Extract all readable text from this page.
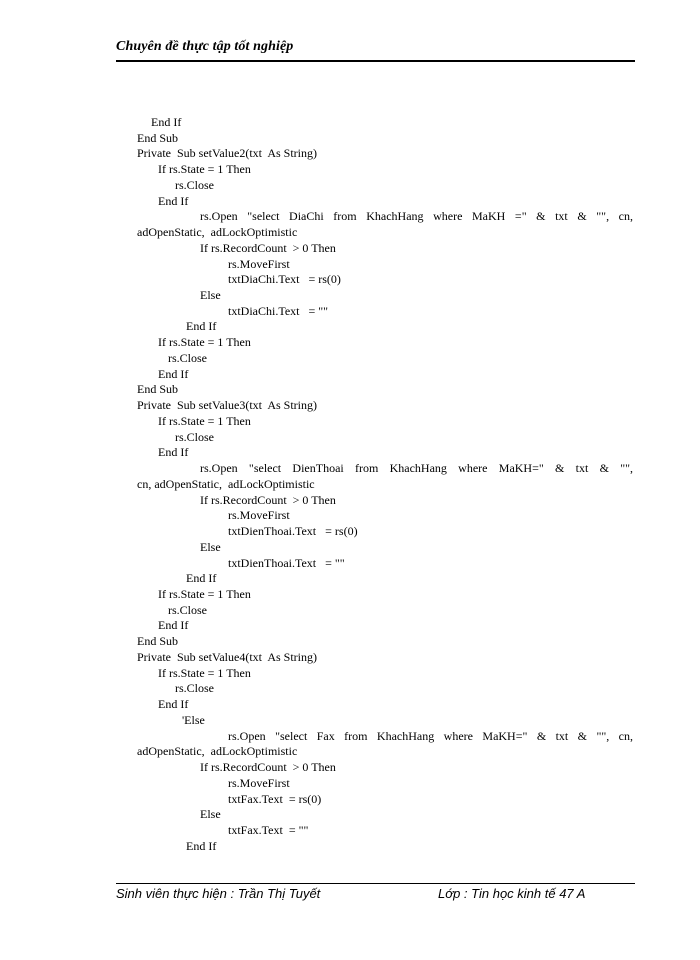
Chuyên đề thực tập tốt nghiệp
End If
End Sub
Private  Sub setValue2(txt  As String)
If rs.State = 1 Then
rs.Close
End If
rs.Open "select DiaChi from KhachHang where MaKH =" & txt & "", cn,
adOpenStatic,  adLockOptimistic
If rs.RecordCount  > 0 Then
rs.MoveFirst
txtDiaChi.Text   = rs(0)
Else
txtDiaChi.Text   = ""
End If
If rs.State = 1 Then
rs.Close
End If
End Sub
Private  Sub setValue3(txt  As String)
If rs.State = 1 Then
rs.Close
End If
rs.Open "select DienThoai from KhachHang where MaKH=" & txt & "",
cn, adOpenStatic,  adLockOptimistic
If rs.RecordCount  > 0 Then
rs.MoveFirst
txtDienThoai.Text   = rs(0)
Else
txtDienThoai.Text   = ""
End If
If rs.State = 1 Then
rs.Close
End If
End Sub
Private  Sub setValue4(txt  As String)
If rs.State = 1 Then
rs.Close
End If
'Else
rs.Open "select Fax from KhachHang where MaKH=" & txt & "", cn,
adOpenStatic,  adLockOptimistic
If rs.RecordCount  > 0 Then
rs.MoveFirst
txtFax.Text  = rs(0)
Else
txtFax.Text  = ""
End If
Sinh viên thực hiện : Trần Thị Tuyết	Lớp : Tin học kinh tế 47 A
